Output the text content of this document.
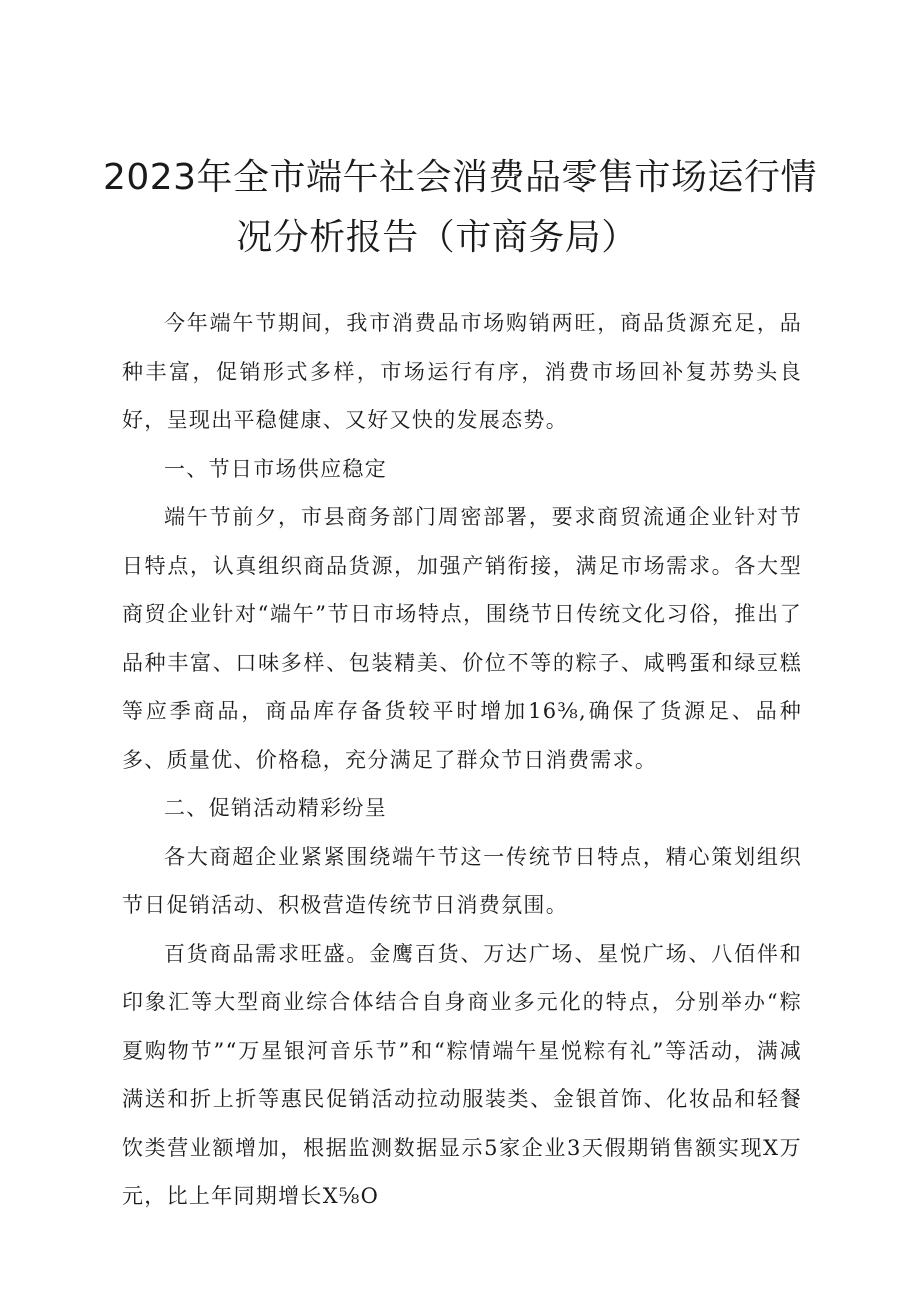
2023年全市端午社会消费品零售市场运行情
况分析报告（市商务局）

今年端午节期间，我市消费品市场购销两旺，商品货源充足，品种丰富，促销形式多样，市场运行有序，消费市场回补复苏势头良好，呈现出平稳健康、又好又快的发展态势。

一、节日市场供应稳定

端午节前夕，市县商务部门周密部署，要求商贸流通企业针对节日特点，认真组织商品货源，加强产销衔接，满足市场需求。各大型商贸企业针对“端午”节日市场特点，围绕节日传统文化习俗，推出了品种丰富、口味多样、包装精美、价位不等的粽子、咸鸭蛋和绿豆糕等应季商品，商品库存备货较平时增加16⅜,确保了货源足、品种多、质量优、价格稳，充分满足了群众节日消费需求。

二、促销活动精彩纷呈

各大商超企业紧紧围绕端午节这一传统节日特点，精心策划组织节日促销活动、积极营造传统节日消费氛围。

百货商品需求旺盛。金鹰百货、万达广场、星悦广场、八佰伴和印象汇等大型商业综合体结合自身商业多元化的特点，分别举办“粽夏购物节”“万星银河音乐节”和“粽情端午星悦粽有礼”等活动，满减满送和折上折等惠民促销活动拉动服装类、金银首饰、化妆品和轻餐饮类营业额增加，根据监测数据显示5家企业3天假期销售额实现X万元，比上年同期增长X⅝O
